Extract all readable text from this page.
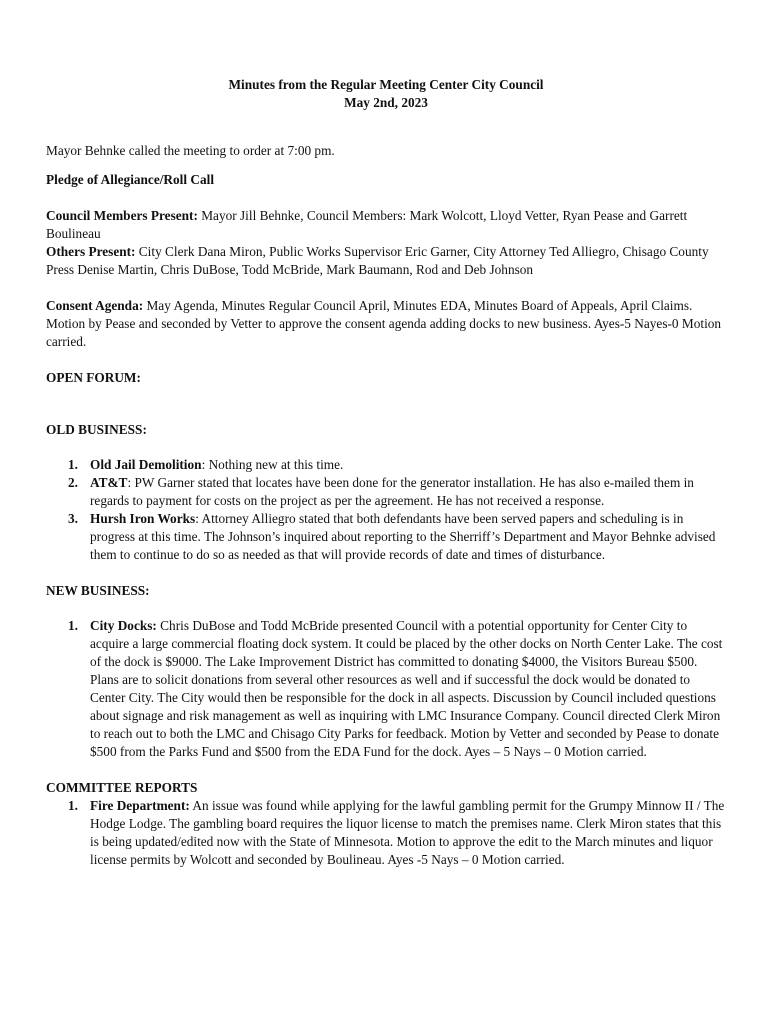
Minutes from the Regular Meeting Center City Council
May 2nd, 2023

Mayor Behnke called the meeting to order at 7:00 pm.

Pledge of Allegiance/Roll Call

Council Members Present: Mayor Jill Behnke, Council Members: Mark Wolcott, Lloyd Vetter, Ryan Pease and Garrett Boulineau

Others Present: City Clerk Dana Miron, Public Works Supervisor Eric Garner, City Attorney Ted Alliegro, Chisago County Press Denise Martin, Chris DuBose, Todd McBride, Mark Baumann, Rod and Deb Johnson

Consent Agenda: May Agenda, Minutes Regular Council April, Minutes EDA, Minutes Board of Appeals, April Claims. Motion by Pease and seconded by Vetter to approve the consent agenda adding docks to new business. Ayes-5 Nayes-0 Motion carried.

OPEN FORUM:

OLD BUSINESS:

1. Old Jail Demolition: Nothing new at this time.
2. AT&T: PW Garner stated that locates have been done for the generator installation. He has also e-mailed them in regards to payment for costs on the project as per the agreement. He has not received a response.
3. Hursh Iron Works: Attorney Alliegro stated that both defendants have been served papers and scheduling is in progress at this time. The Johnson’s inquired about reporting to the Sherriff’s Department and Mayor Behnke advised them to continue to do so as needed as that will provide records of date and times of disturbance.

NEW BUSINESS:

1. City Docks: Chris DuBose and Todd McBride presented Council with a potential opportunity for Center City to acquire a large commercial floating dock system. It could be placed by the other docks on North Center Lake. The cost of the dock is $9000. The Lake Improvement District has committed to donating $4000, the Visitors Bureau $500. Plans are to solicit donations from several other resources as well and if successful the dock would be donated to Center City. The City would then be responsible for the dock in all aspects. Discussion by Council included questions about signage and risk management as well as inquiring with LMC Insurance Company. Council directed Clerk Miron to reach out to both the LMC and Chisago City Parks for feedback. Motion by Vetter and seconded by Pease to donate $500 from the Parks Fund and $500 from the EDA Fund for the dock. Ayes – 5 Nays – 0 Motion carried.

COMMITTEE REPORTS

1. Fire Department: An issue was found while applying for the lawful gambling permit for the Grumpy Minnow II / The Hodge Lodge. The gambling board requires the liquor license to match the premises name. Clerk Miron states that this is being updated/edited now with the State of Minnesota. Motion to approve the edit to the March minutes and liquor license permits by Wolcott and seconded by Boulineau. Ayes -5 Nays – 0 Motion carried.
